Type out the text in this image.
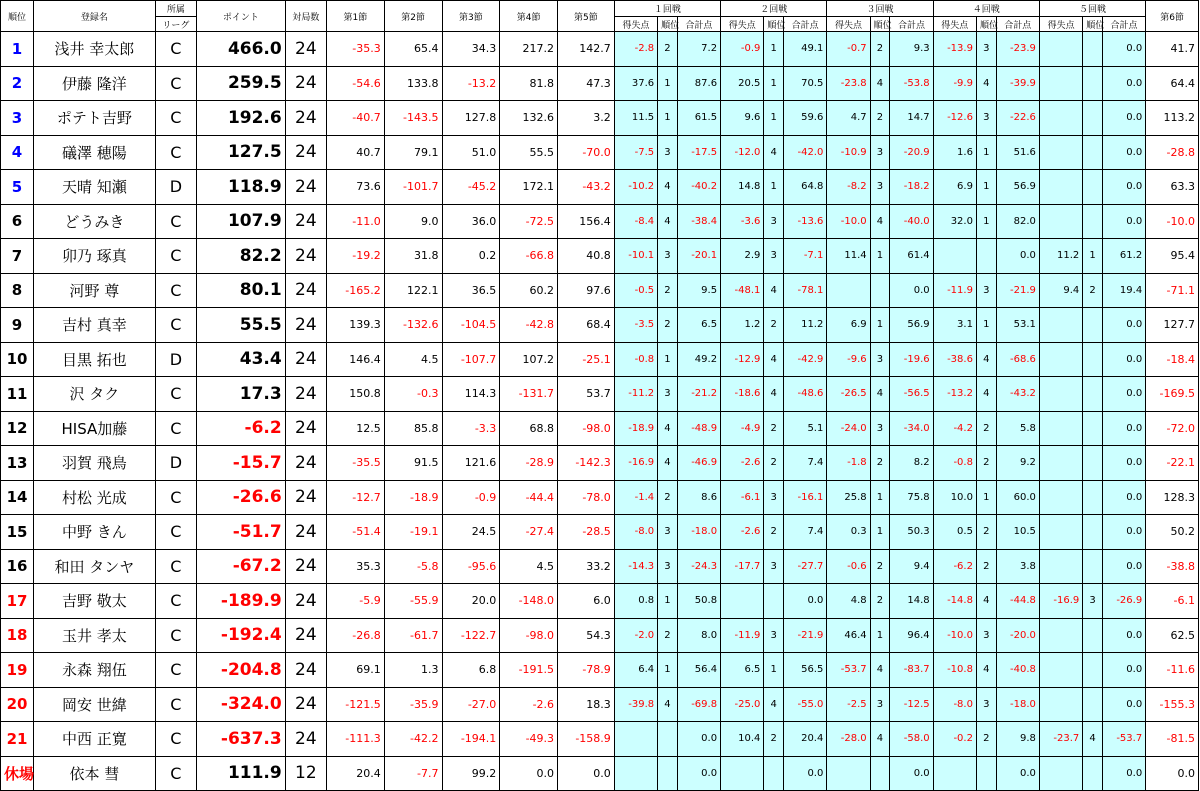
順位	登録名	所属	ポイント	対局数	第1節	第2節	第3節	第4節	第5節	１回戦			２回戦			３回戦			４回戦			５回戦			第6節
		リーグ								得失点	順位	合計点	得失点	順位	合計点	得失点	順位	合計点	得失点	順位	合計点	得失点	順位	合計点	
1	浅井 幸太郎	C	466.0	24	-35.3	65.4	34.3	217.2	142.7	-2.8	2	7.2	-0.9	1	49.1	-0.7	2	9.3	-13.9	3	-23.9			0.0	41.7
2	伊藤 隆洋	C	259.5	24	-54.6	133.8	-13.2	81.8	47.3	37.6	1	87.6	20.5	1	70.5	-23.8	4	-53.8	-9.9	4	-39.9			0.0	64.4
3	ポテト吉野	C	192.6	24	-40.7	-143.5	127.8	132.6	3.2	11.5	1	61.5	9.6	1	59.6	4.7	2	14.7	-12.6	3	-22.6			0.0	113.2
4	礒澤 穂陽	C	127.5	24	40.7	79.1	51.0	55.5	-70.0	-7.5	3	-17.5	-12.0	4	-42.0	-10.9	3	-20.9	1.6	1	51.6			0.0	-28.8
5	天晴 知瀬	D	118.9	24	73.6	-101.7	-45.2	172.1	-43.2	-10.2	4	-40.2	14.8	1	64.8	-8.2	3	-18.2	6.9	1	56.9			0.0	63.3
6	どうみき	C	107.9	24	-11.0	9.0	36.0	-72.5	156.4	-8.4	4	-38.4	-3.6	3	-13.6	-10.0	4	-40.0	32.0	1	82.0			0.0	-10.0
7	卯乃 琢真	C	82.2	24	-19.2	31.8	0.2	-66.8	40.8	-10.1	3	-20.1	2.9	3	-7.1	11.4	1	61.4			0.0	11.2	1	61.2	95.4
8	河野 尊	C	80.1	24	-165.2	122.1	36.5	60.2	97.6	-0.5	2	9.5	-48.1	4	-78.1			0.0	-11.9	3	-21.9	9.4	2	19.4	-71.1
9	吉村 真幸	C	55.5	24	139.3	-132.6	-104.5	-42.8	68.4	-3.5	2	6.5	1.2	2	11.2	6.9	1	56.9	3.1	1	53.1			0.0	127.7
10	目黒 拓也	D	43.4	24	146.4	4.5	-107.7	107.2	-25.1	-0.8	1	49.2	-12.9	4	-42.9	-9.6	3	-19.6	-38.6	4	-68.6			0.0	-18.4
11	沢 タク	C	17.3	24	150.8	-0.3	114.3	-131.7	53.7	-11.2	3	-21.2	-18.6	4	-48.6	-26.5	4	-56.5	-13.2	4	-43.2			0.0	-169.5
12	HISA加藤	C	-6.2	24	12.5	85.8	-3.3	68.8	-98.0	-18.9	4	-48.9	-4.9	2	5.1	-24.0	3	-34.0	-4.2	2	5.8			0.0	-72.0
13	羽賀 飛鳥	D	-15.7	24	-35.5	91.5	121.6	-28.9	-142.3	-16.9	4	-46.9	-2.6	2	7.4	-1.8	2	8.2	-0.8	2	9.2			0.0	-22.1
14	村松 光成	C	-26.6	24	-12.7	-18.9	-0.9	-44.4	-78.0	-1.4	2	8.6	-6.1	3	-16.1	25.8	1	75.8	10.0	1	60.0			0.0	128.3
15	中野 きん	C	-51.7	24	-51.4	-19.1	24.5	-27.4	-28.5	-8.0	3	-18.0	-2.6	2	7.4	0.3	1	50.3	0.5	2	10.5			0.0	50.2
16	和田 タンヤ	C	-67.2	24	35.3	-5.8	-95.6	4.5	33.2	-14.3	3	-24.3	-17.7	3	-27.7	-0.6	2	9.4	-6.2	2	3.8			0.0	-38.8
17	吉野 敬太	C	-189.9	24	-5.9	-55.9	20.0	-148.0	6.0	0.8	1	50.8			0.0	4.8	2	14.8	-14.8	4	-44.8	-16.9	3	-26.9	-6.1
18	玉井 孝太	C	-192.4	24	-26.8	-61.7	-122.7	-98.0	54.3	-2.0	2	8.0	-11.9	3	-21.9	46.4	1	96.4	-10.0	3	-20.0			0.0	62.5
19	永森 翔伍	C	-204.8	24	69.1	1.3	6.8	-191.5	-78.9	6.4	1	56.4	6.5	1	56.5	-53.7	4	-83.7	-10.8	4	-40.8			0.0	-11.6
20	岡安 世緯	C	-324.0	24	-121.5	-35.9	-27.0	-2.6	18.3	-39.8	4	-69.8	-25.0	4	-55.0	-2.5	3	-12.5	-8.0	3	-18.0			0.0	-155.3
21	中西 正寛	C	-637.3	24	-111.3	-42.2	-194.1	-49.3	-158.9			0.0	10.4	2	20.4	-28.0	4	-58.0	-0.2	2	9.8	-23.7	4	-53.7	-81.5
休場	依本 彗	C	111.9	12	20.4	-7.7	99.2	0.0	0.0			0.0			0.0			0.0			0.0			0.0	0.0
